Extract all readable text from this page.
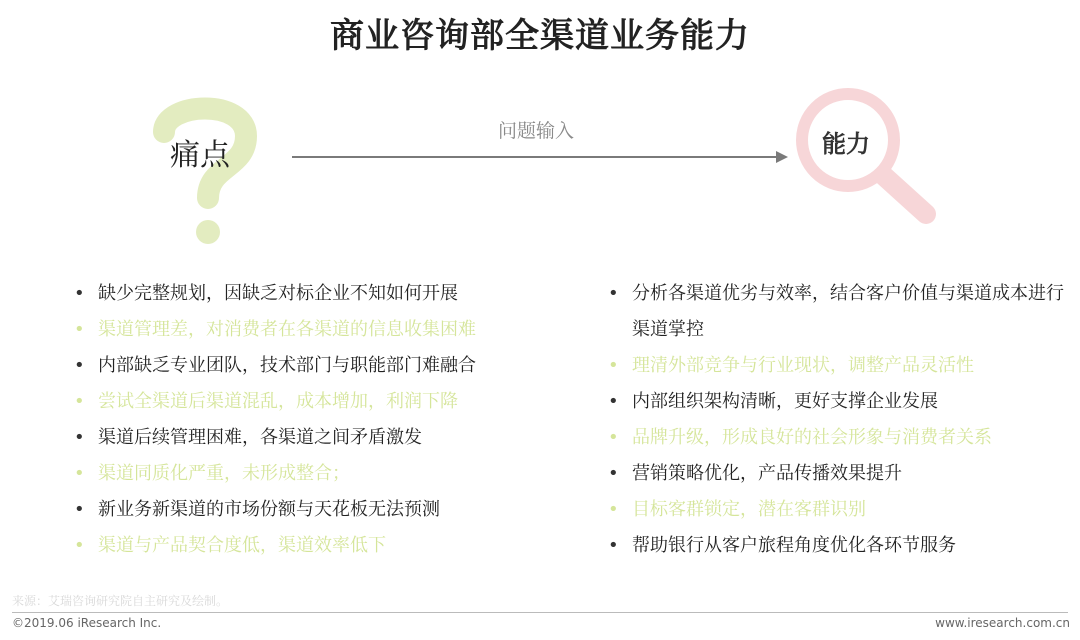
商业咨询部全渠道业务能力
痛点
问题输入	能力
• 缺少完整规划，因缺乏对标企业不知如何开展
• 渠道管理差，对消费者在各渠道的信息收集困难
• 内部缺乏专业团队，技术部门与职能部门难融合
• 尝试全渠道后渠道混乱，成本增加，利润下降
• 渠道后续管理困难，各渠道之间矛盾激发
• 渠道同质化严重，未形成整合；
• 新业务新渠道的市场份额与天花板无法预测
• 渠道与产品契合度低，渠道效率低下
• 分析各渠道优劣与效率，结合客户价值与渠道成本进行渠道掌控
• 理清外部竞争与行业现状，调整产品灵活性
• 内部组织架构清晰，更好支撑企业发展
• 品牌升级，形成良好的社会形象与消费者关系
• 营销策略优化，产品传播效果提升
• 目标客群锁定，潜在客群识别
• 帮助银行从客户旅程角度优化各环节服务
来源：艾瑞咨询研究院自主研究及绘制。
©2019.06 iResearch Inc.	www.iresearch.com.cn
